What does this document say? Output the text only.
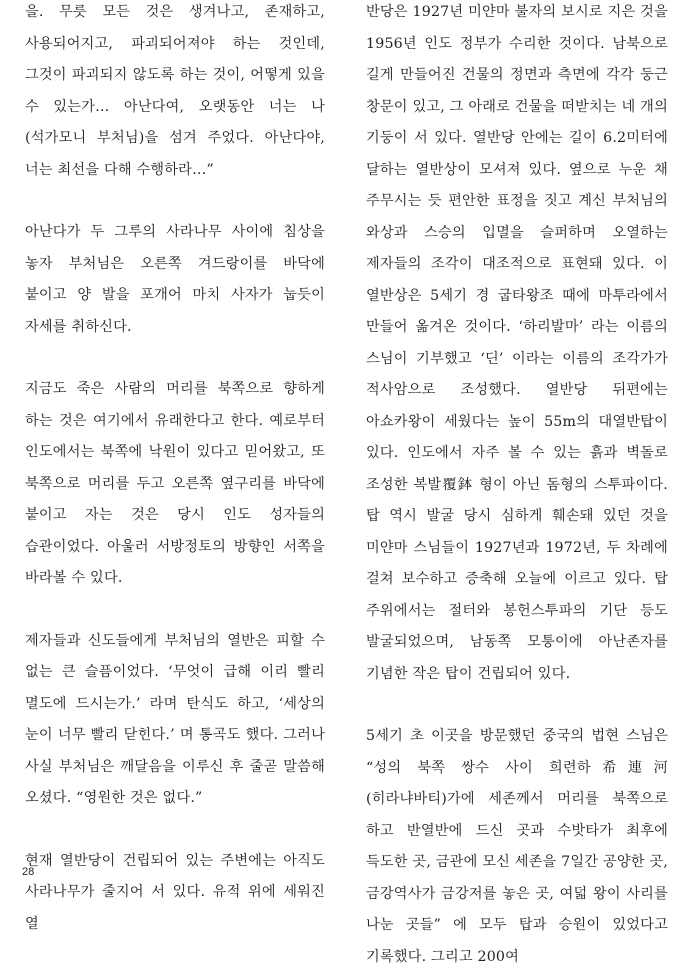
을. 무릇 모든 것은 생겨나고, 존재하고, 사용되어지고, 파괴되어져야 하는 것인데, 그것이 파괴되지 않도록 하는 것이, 어떻게 있을 수 있는가… 아난다여, 오랫동안 너는 나(석가모니 부처님)을 섬겨 주었다. 아난다야, 너는 최선을 다해 수행하라…”

아난다가 두 그루의 사라나무 사이에 침상을 놓자 부처님은 오른쪽 겨드랑이를 바닥에 붙이고 양 발을 포개어 마치 사자가 눕듯이 자세를 취하신다.

지금도 죽은 사람의 머리를 북쪽으로 향하게 하는 것은 여기에서 유래한다고 한다. 예로부터 인도에서는 북쪽에 낙원이 있다고 믿어왔고, 또 북쪽으로 머리를 두고 오른쪽 옆구리를 바닥에 붙이고 자는 것은 당시 인도 성자들의 습관이었다. 아울러 서방정토의 방향인 서쪽을 바라볼 수 있다.

제자들과 신도들에게 부처님의 열반은 피할 수 없는 큰 슬픔이었다. ‘무엇이 급해 이리 빨리 멸도에 드시는가.’ 라며 탄식도 하고, ‘세상의 눈이 너무 빨리 닫힌다.’ 며 통곡도 했다. 그러나 사실 부처님은 깨달음을 이루신 후 줄곧 말씀해 오셨다. “영원한 것은 없다.”

현재 열반당이 건립되어 있는 주변에는 아직도 사라나무가 줄지어 서 있다. 유적 위에 세워진 열

반당은 1927년 미얀마 불자의 보시로 지은 것을 1956년 인도 정부가 수리한 것이다. 남북으로 길게 만들어진 건물의 정면과 측면에 각각 둥근 창문이 있고, 그 아래로 건물을 떠받치는 네 개의 기둥이 서 있다. 열반당 안에는 길이 6.2미터에 달하는 열반상이 모셔져 있다. 옆으로 누운 채 주무시는 듯 편안한 표정을 짓고 계신 부처님의 와상과 스승의 입멸을 슬퍼하며 오열하는 제자들의 조각이 대조적으로 표현돼 있다. 이 열반상은 5세기 경 굽타왕조 때에 마투라에서 만들어 옮겨온 것이다. ‘하리발마’ 라는 이름의 스님이 기부했고 ‘딘’ 이라는 이름의 조각가가 적사암으로 조성했다. 열반당 뒤편에는 아쇼카왕이 세웠다는 높이 55m의 대열반탑이 있다. 인도에서 자주 볼 수 있는 흙과 벽돌로 조성한 복발覆鉢 형이 아닌 돔형의 스투파이다. 탑 역시 발굴 당시 심하게 훼손돼 있던 것을 미얀마 스님들이 1927년과 1972년, 두 차례에 걸쳐 보수하고 증축해 오늘에 이르고 있다. 탑 주위에서는 절터와 봉헌스투파의 기단 등도 발굴되었으며, 남동쪽 모퉁이에 아난존자를 기념한 작은 탑이 건립되어 있다.

5세기 초 이곳을 방문했던 중국의 법현 스님은 “성의 북쪽 쌍수 사이 희련하希連河(히라냐바티)가에 세존께서 머리를 북쪽으로 하고 반열반에 드신 곳과 수밧타가 최후에 득도한 곳, 금관에 모신 세존을 7일간 공양한 곳, 금강역사가 금강저를 놓은 곳, 여덟 왕이 사리를 나눈 곳들” 에 모두 탑과 승원이 있었다고 기록했다. 그리고 200여

28
